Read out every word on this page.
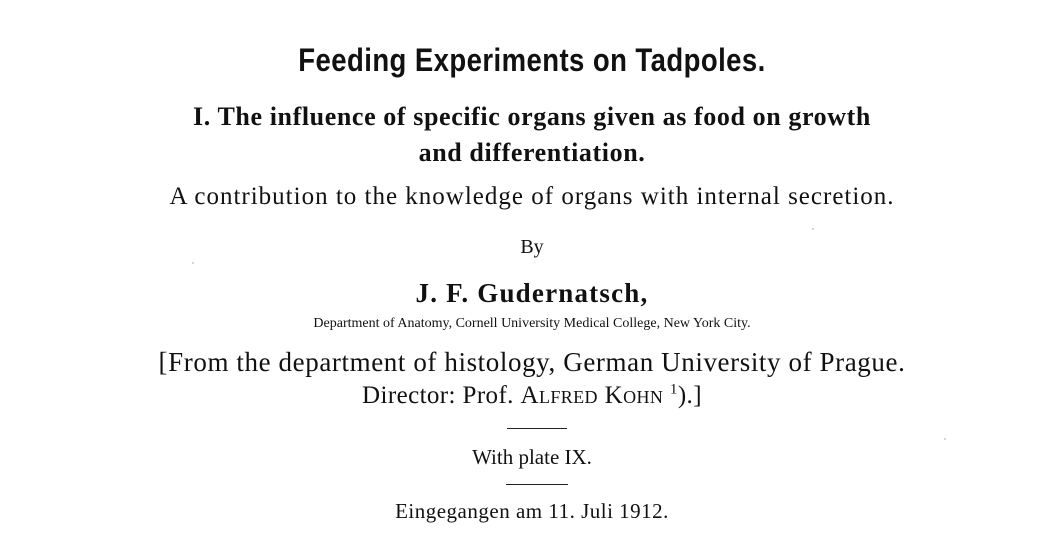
Feeding Experiments on Tadpoles.
I. The influence of specific organs given as food on growth
and differentiation.
A contribution to the knowledge of organs with internal secretion.
By
J. F. Gudernatsch,
Department of Anatomy, Cornell University Medical College, New York City.
[From the department of histology, German University of Prague.
Director: Prof. Alfred Kohn $^1$).]
With plate IX.
Eingegangen am 11. Juli 1912.
